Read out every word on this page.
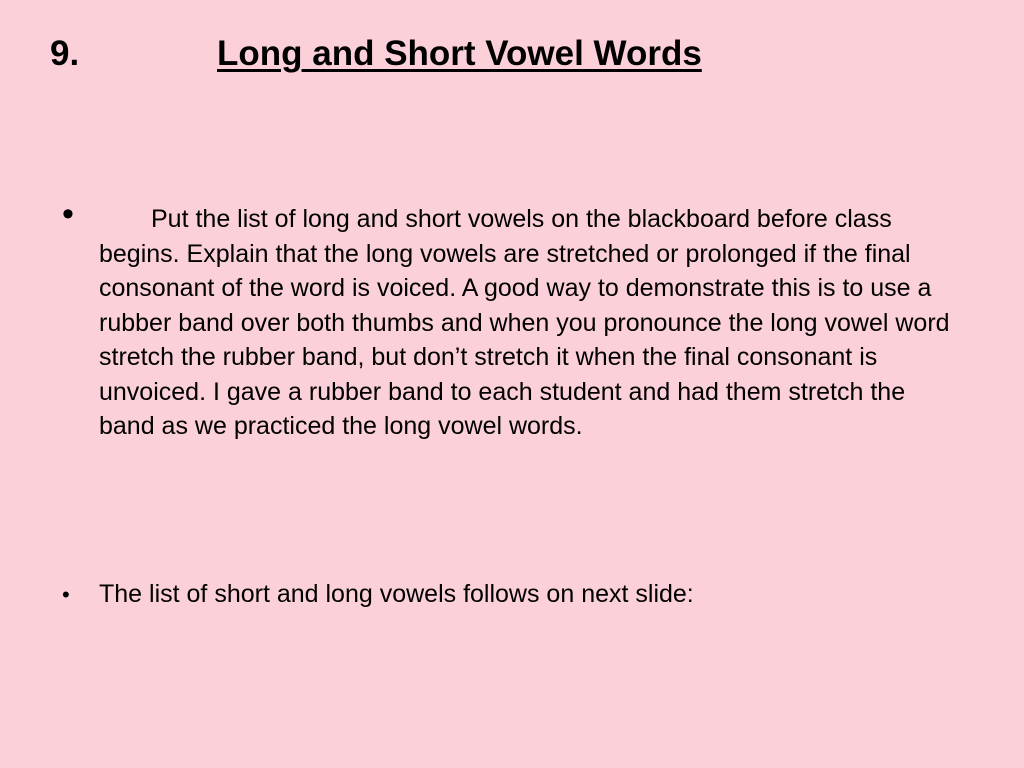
9.	Long and Short Vowel Words
•	Put the list of long and short vowels on the blackboard before class begins. Explain that the long vowels are stretched or prolonged if the final consonant of the word is voiced. A good way to demonstrate this is to use a rubber band over both thumbs and when you pronounce the long vowel word stretch the rubber band, but don’t stretch it when the final consonant is unvoiced. I gave a rubber band to each student and had them stretch the band as we practiced the long vowel words.
• The list of short and long vowels follows on next slide:
